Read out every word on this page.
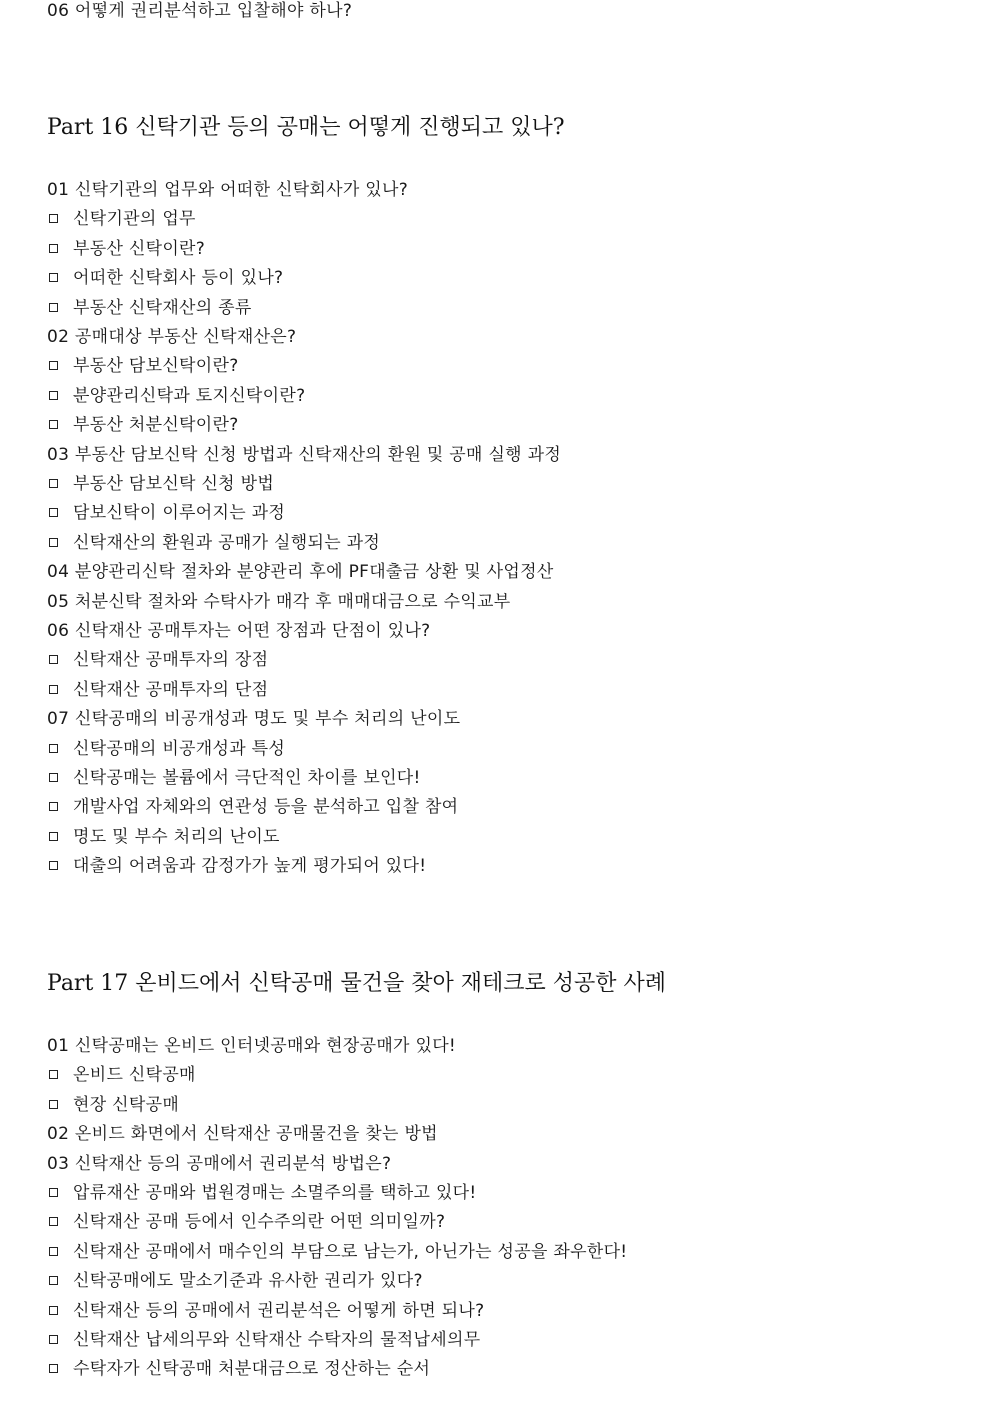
06 어떻게 권리분석하고 입찰해야 하나?
Part 16 신탁기관 등의 공매는 어떻게 진행되고 있나?
01 신탁기관의 업무와 어떠한 신탁회사가 있나?
신탁기관의 업무
부동산 신탁이란?
어떠한 신탁회사 등이 있나?
부동산 신탁재산의 종류
02 공매대상 부동산 신탁재산은?
부동산 담보신탁이란?
분양관리신탁과 토지신탁이란?
부동산 처분신탁이란?
03 부동산 담보신탁 신청 방법과 신탁재산의 환원 및 공매 실행 과정
부동산 담보신탁 신청 방법
담보신탁이 이루어지는 과정
신탁재산의 환원과 공매가 실행되는 과정
04 분양관리신탁 절차와 분양관리 후에 PF대출금 상환 및 사업정산
05 처분신탁 절차와 수탁사가 매각 후 매매대금으로 수익교부
06 신탁재산 공매투자는 어떤 장점과 단점이 있나?
신탁재산 공매투자의 장점
신탁재산 공매투자의 단점
07 신탁공매의 비공개성과 명도 및 부수 처리의 난이도
신탁공매의 비공개성과 특성
신탁공매는 볼륨에서 극단적인 차이를 보인다!
개발사업 자체와의 연관성 등을 분석하고 입찰 참여
명도 및 부수 처리의 난이도
대출의 어려움과 감정가가 높게 평가되어 있다!
Part 17 온비드에서 신탁공매 물건을 찾아 재테크로 성공한 사례
01 신탁공매는 온비드 인터넷공매와 현장공매가 있다!
온비드 신탁공매
현장 신탁공매
02 온비드 화면에서 신탁재산 공매물건을 찾는 방법
03 신탁재산 등의 공매에서 권리분석 방법은?
압류재산 공매와 법원경매는 소멸주의를 택하고 있다!
신탁재산 공매 등에서 인수주의란 어떤 의미일까?
신탁재산 공매에서 매수인의 부담으로 남는가, 아닌가는 성공을 좌우한다!
신탁공매에도 말소기준과 유사한 권리가 있다?
신탁재산 등의 공매에서 권리분석은 어떻게 하면 되나?
신탁재산 납세의무와 신탁재산 수탁자의 물적납세의무
수탁자가 신탁공매 처분대금으로 정산하는 순서
